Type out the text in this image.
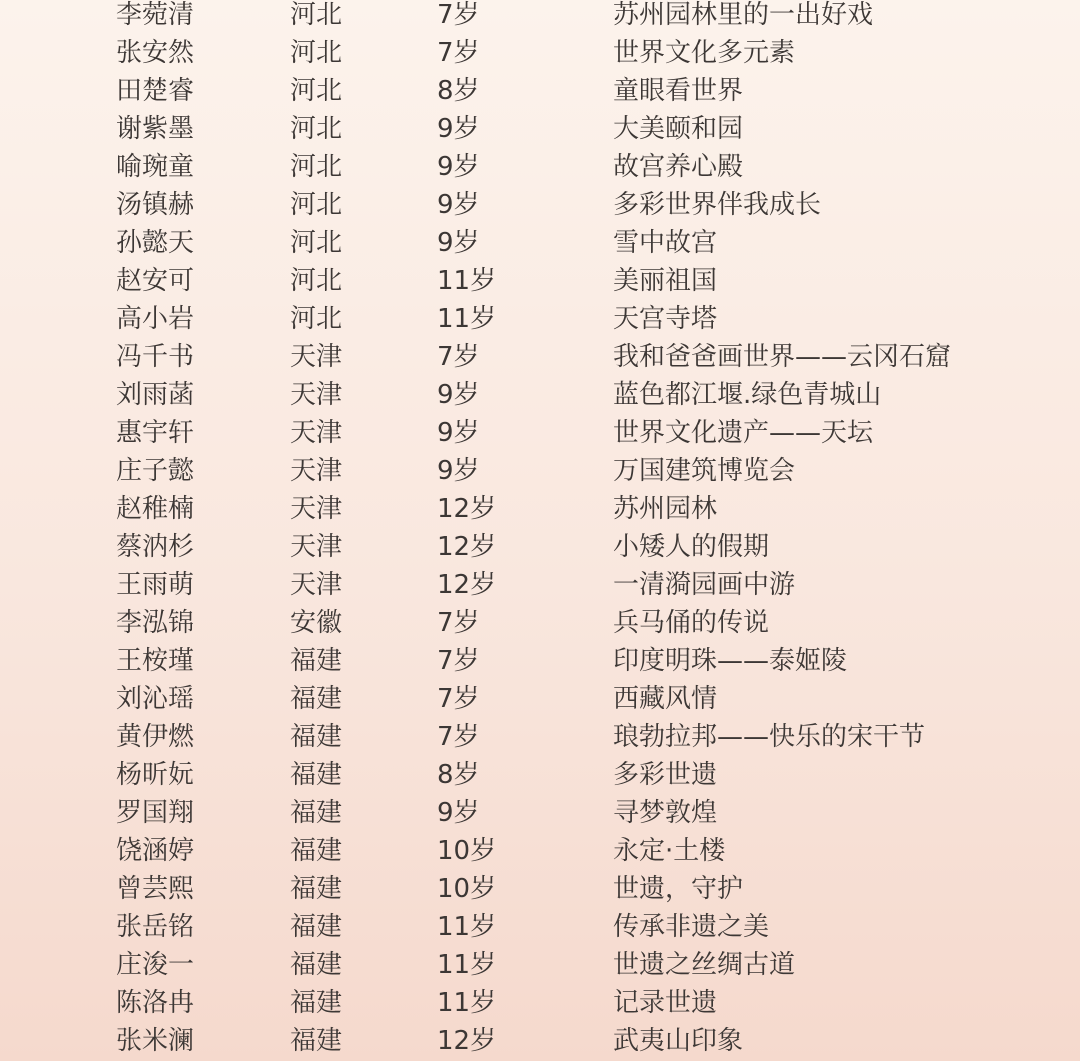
李菀清	河北	7岁	苏州园林里的一出好戏
张安然	河北	7岁	世界文化多元素
田楚睿	河北	8岁	童眼看世界
谢紫墨	河北	9岁	大美颐和园
喻琬童	河北	9岁	故宫养心殿
汤镇赫	河北	9岁	多彩世界伴我成长
孙懿天	河北	9岁	雪中故宫
赵安可	河北	11岁	美丽祖国
高小岩	河北	11岁	天宫寺塔
冯千书	天津	7岁	我和爸爸画世界——云冈石窟
刘雨菡	天津	9岁	蓝色都江堰.绿色青城山
惠宇轩	天津	9岁	世界文化遗产——天坛
庄子懿	天津	9岁	万国建筑博览会
赵稚楠	天津	12岁	苏州园林
蔡汭杉	天津	12岁	小矮人的假期
王雨萌	天津	12岁	一清漪园画中游
李泓锦	安徽	7岁	兵马俑的传说
王桉瑾	福建	7岁	印度明珠——泰姬陵
刘沁瑶	福建	7岁	西藏风情
黄伊燃	福建	7岁	琅勃拉邦——快乐的宋干节
杨昕妧	福建	8岁	多彩世遗
罗国翔	福建	9岁	寻梦敦煌
饶涵婷	福建	10岁	永定·土楼
曾芸熙	福建	10岁	世遗，守护
张岳铭	福建	11岁	传承非遗之美
庄浚一	福建	11岁	世遗之丝绸古道
陈洛冉	福建	11岁	记录世遗
张米澜	福建	12岁	武夷山印象
